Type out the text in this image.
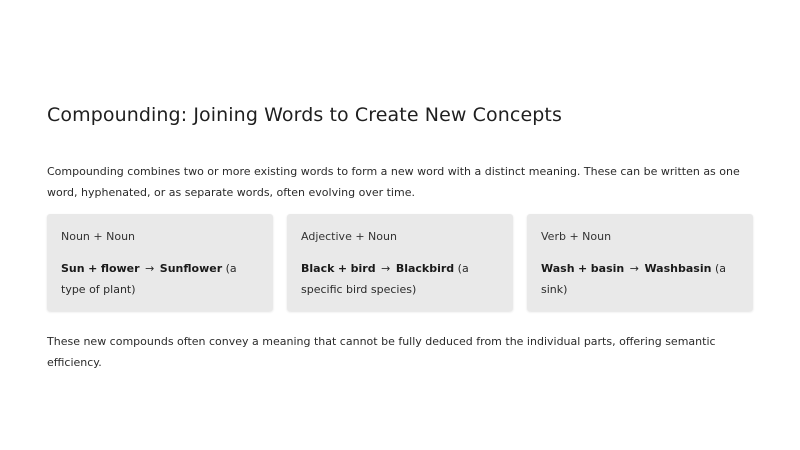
Compounding: Joining Words to Create New Concepts

Compounding combines two or more existing words to form a new word with a distinct meaning. These can be written as one word, hyphenated, or as separate words, often evolving over time.

Noun + Noun

Sun + flower → Sunflower (a type of plant)

Adjective + Noun

Black + bird → Blackbird (a specific bird species)

Verb + Noun

Wash + basin → Washbasin (a sink)

These new compounds often convey a meaning that cannot be fully deduced from the individual parts, offering semantic efficiency.
